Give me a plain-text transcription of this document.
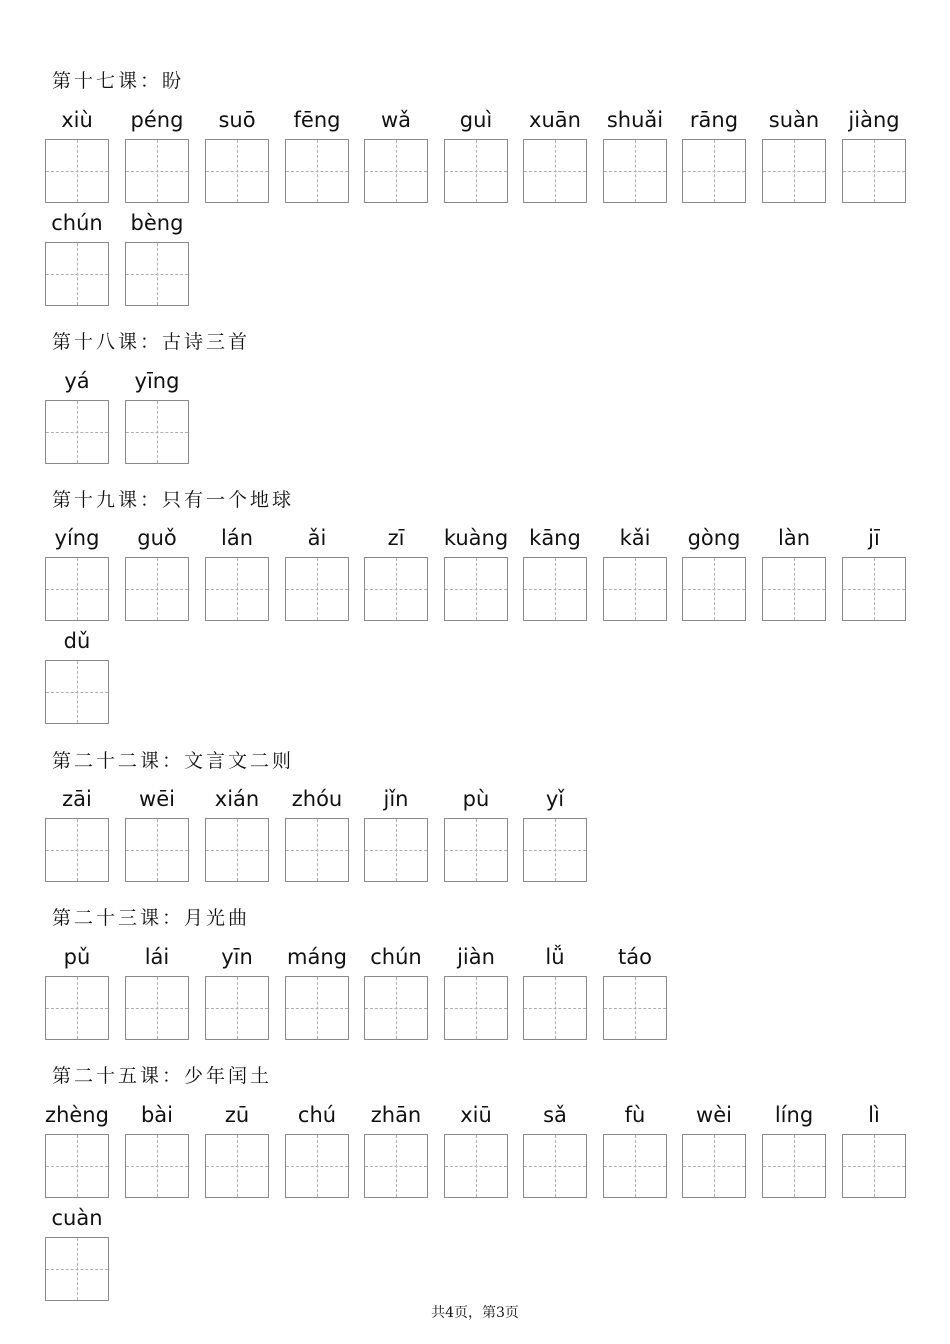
第十七课：盼
xiù	péng	suō	fēng	wǎ	guì	xuān	shuǎi	rāng	suàn	jiàng
chún	bèng
第十八课：古诗三首
yá	yīng
第十九课：只有一个地球
yíng	guǒ	lán	ǎi	zī	kuàng kāng	kǎi	gòng	làn	jī
dǔ
第二十二课：文言文二则
zāi	wēi	xián	zhóu	jǐn	pù	yǐ
第二十三课：月光曲
pǔ	lái	yīn	máng	chún	jiàn	lǚ	táo
第二十五课：少年闰土
zhèng	bài	zū	chú	zhān	xiū	sǎ	fù	wèi	líng	lì
cuàn
共4页，第3页
